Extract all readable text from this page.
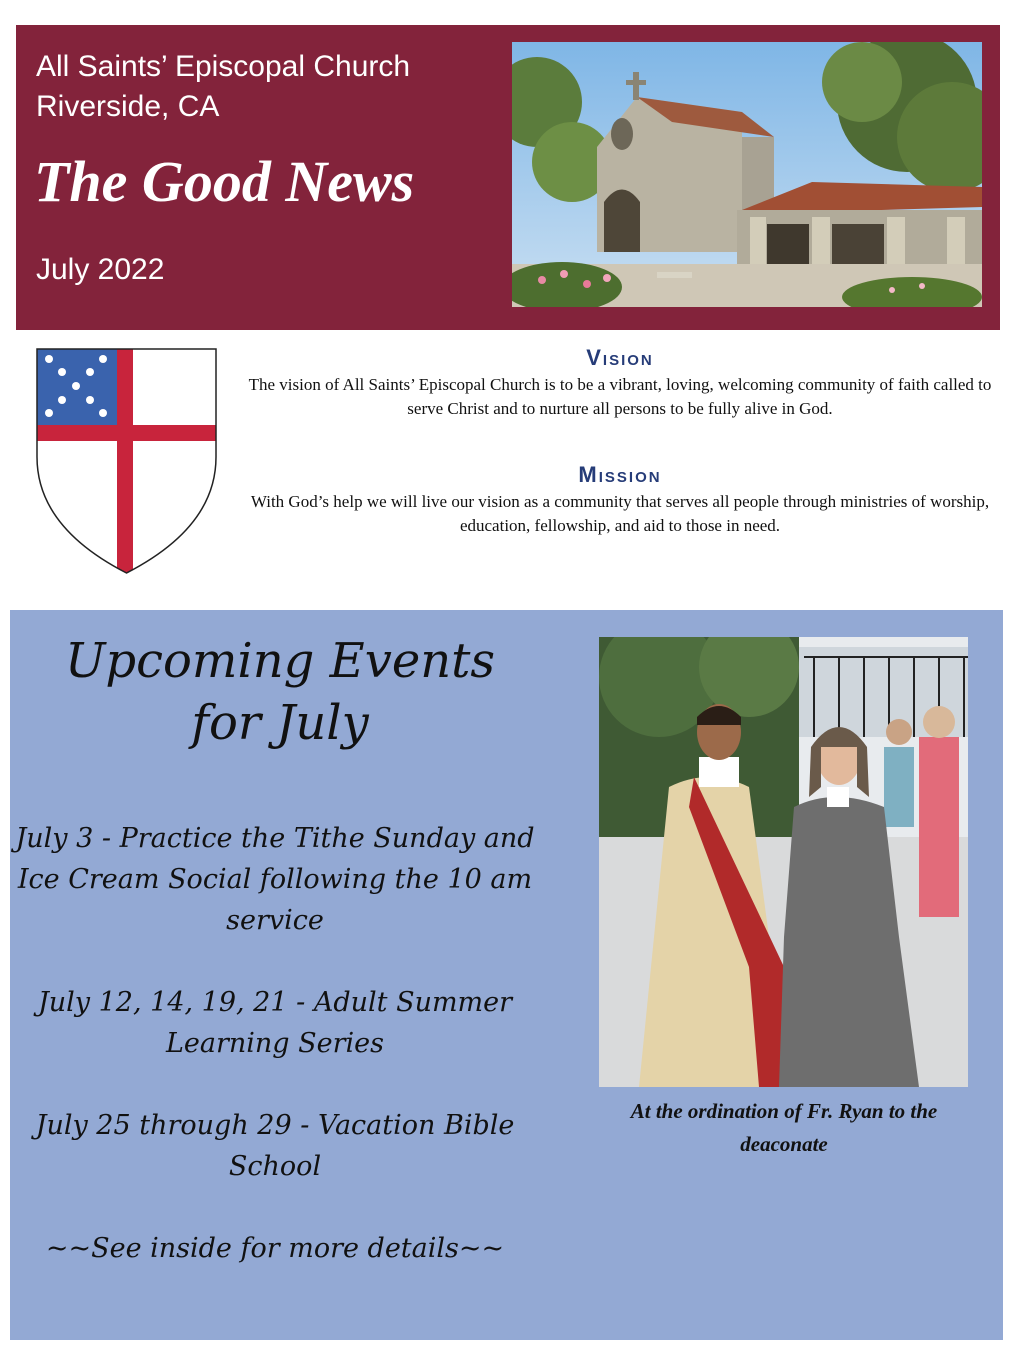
All Saints’ Episcopal Church
Riverside, CA
The Good News
July 2022
Vision
The vision of All Saints’ Episcopal Church is to be a vibrant, loving, welcoming community of faith called to serve Christ and to nurture all persons to be fully alive in God.
Mission
With God’s help we will live our vision as a community that serves all people through ministries of worship, education, fellowship, and aid to those in need.
Upcoming Events
for July
July 3 - Practice the Tithe Sunday and Ice Cream Social following the 10 am service
July 12, 14, 19, 21 - Adult Summer Learning Series
July 25 through 29 - Vacation Bible School
~~See inside for more details~~
At the ordination of Fr. Ryan to the deaconate
